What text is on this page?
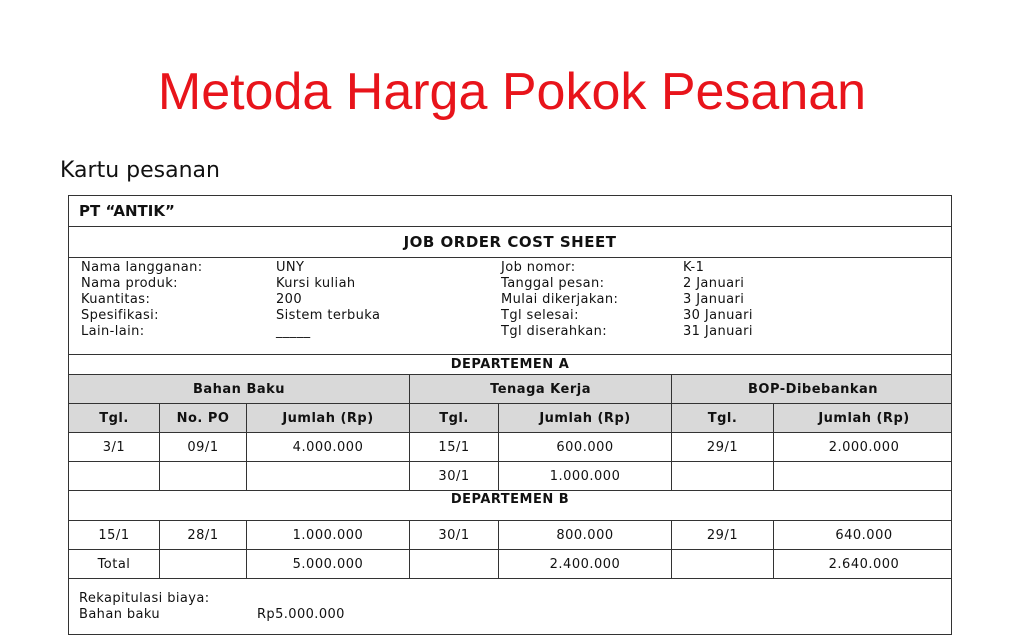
Metoda Harga Pokok Pesanan
Kartu pesanan
PT “ANTIK”
JOB ORDER COST SHEET
Nama langganan:	UNY
Nama produk:	Kursi kuliah
Kuantitas:	200
Spesifikasi:	Sistem terbuka
Lain-lain:	_____
Job nomor:	K-1
Tanggal pesan:	2 Januari
Mulai dikerjakan:	3 Januari
Tgl selesai:	30 Januari
Tgl diserahkan:	31 Januari
DEPARTEMEN A
Bahan Baku			Tenaga Kerja		BOP-Dibebankan	
Tgl.	No. PO	Jumlah (Rp)	Tgl.	Jumlah (Rp)	Tgl.	Jumlah (Rp)
3/1	09/1	4.000.000	15/1	600.000	29/1	2.000.000
			30/1	1.000.000		
DEPARTEMEN B
15/1	28/1	1.000.000	30/1	800.000	29/1	640.000
Total		5.000.000		2.400.000		2.640.000
Rekapitulasi biaya:
Bahan baku	Rp5.000.000
